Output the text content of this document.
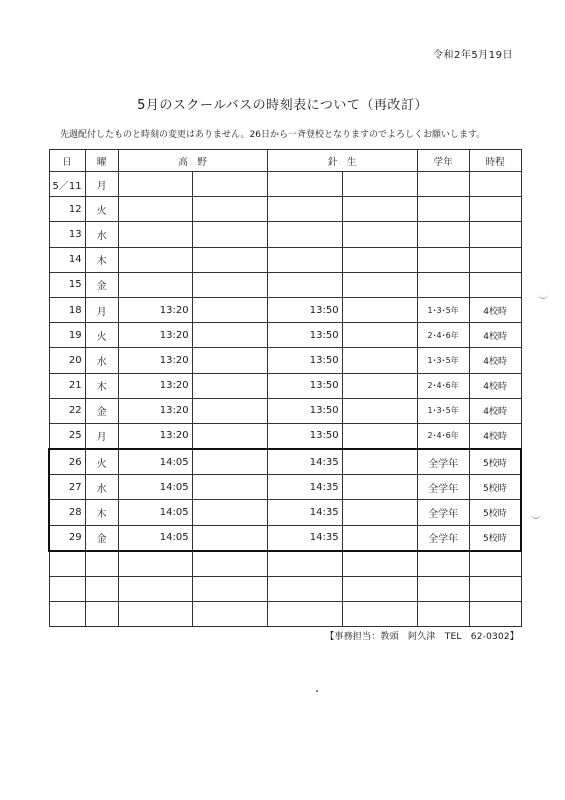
令和2年5月19日
5月のスクールバスの時刻表について（再改訂）
先週配付したものと時刻の変更はありません。26日から一斉登校となりますのでよろしくお願いします。
日	曜	高　野		針　生		学年	時程
5／11	月						
12	火						
13	水						
14	木						
15	金						
18	月	13:20		13:50		1･3･5年	4校時
19	火	13:20		13:50		2･4･6年	4校時
20	水	13:20		13:50		1･3･5年	4校時
21	木	13:20		13:50		2･4･6年	4校時
22	金	13:20		13:50		1･3･5年	4校時
25	月	13:20		13:50		2･4･6年	4校時
26	火	14:05		14:35		全学年	5校時
27	水	14:05		14:35		全学年	5校時
28	木	14:05		14:35		全学年	5校時
29	金	14:05		14:35		全学年	5校時

【事務担当：教頭　阿久津　TEL　62-0302】
